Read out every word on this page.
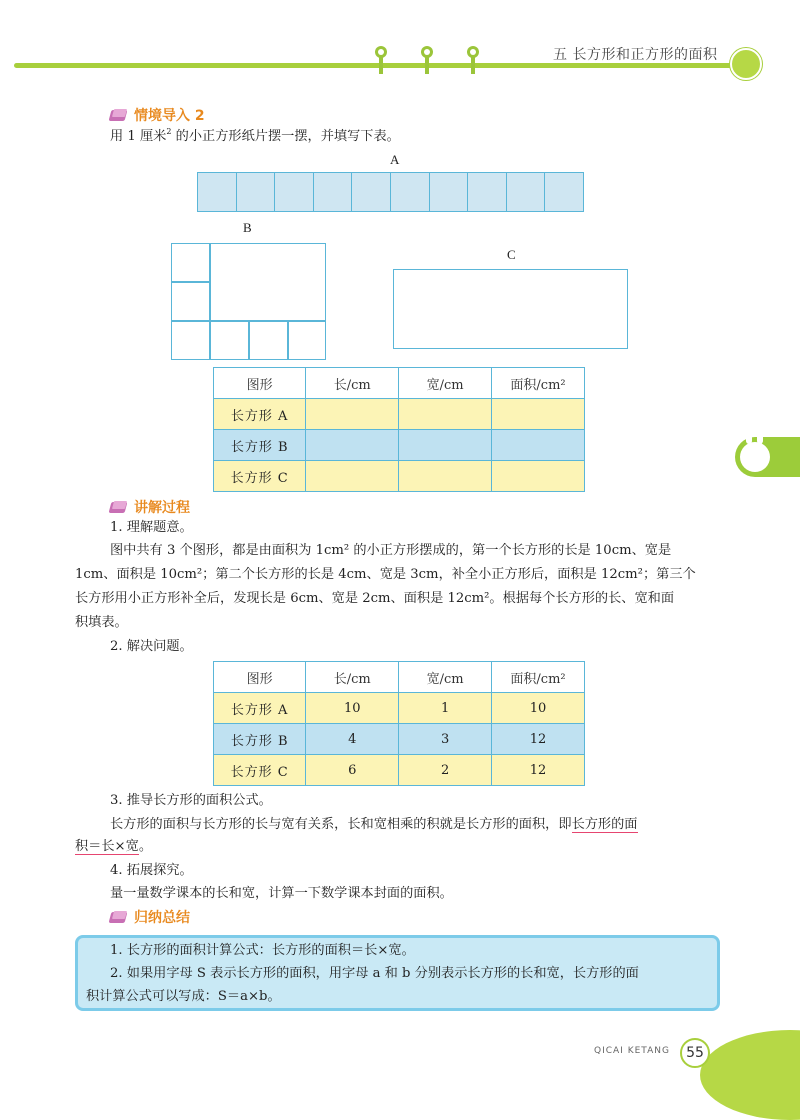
五 长方形和正方形的面积
情境导入 2
用 1 厘米$^2$ 的小正方形纸片摆一摆，并填写下表。
A
B
C
图形	长/cm	宽/cm	面积/cm²
长方形 A			
长方形 B			
长方形 C			
讲解过程
1. 理解题意。
图中共有 3 个图形，都是由面积为 1cm² 的小正方形摆成的，第一个长方形的长是 10cm、宽是
1cm、面积是 10cm²；第二个长方形的长是 4cm、宽是 3cm，补全小正方形后，面积是 12cm²；第三个
长方形用小正方形补全后，发现长是 6cm、宽是 2cm、面积是 12cm²。根据每个长方形的长、宽和面
积填表。
2. 解决问题。
图形	长/cm	宽/cm	面积/cm²
长方形 A	10	1	10
长方形 B	4	3	12
长方形 C	6	2	12
3. 推导长方形的面积公式。
长方形的面积与长方形的长与宽有关系，长和宽相乘的积就是长方形的面积，即长方形的面
积＝长×宽。
4. 拓展探究。
量一量数学课本的长和宽，计算一下数学课本封面的面积。
归纳总结
1. 长方形的面积计算公式：长方形的面积＝长×宽。
2. 如果用字母 S 表示长方形的面积，用字母 a 和 b 分别表示长方形的长和宽，长方形的面
积计算公式可以写成：S＝a×b。
QICAI KETANG	55
